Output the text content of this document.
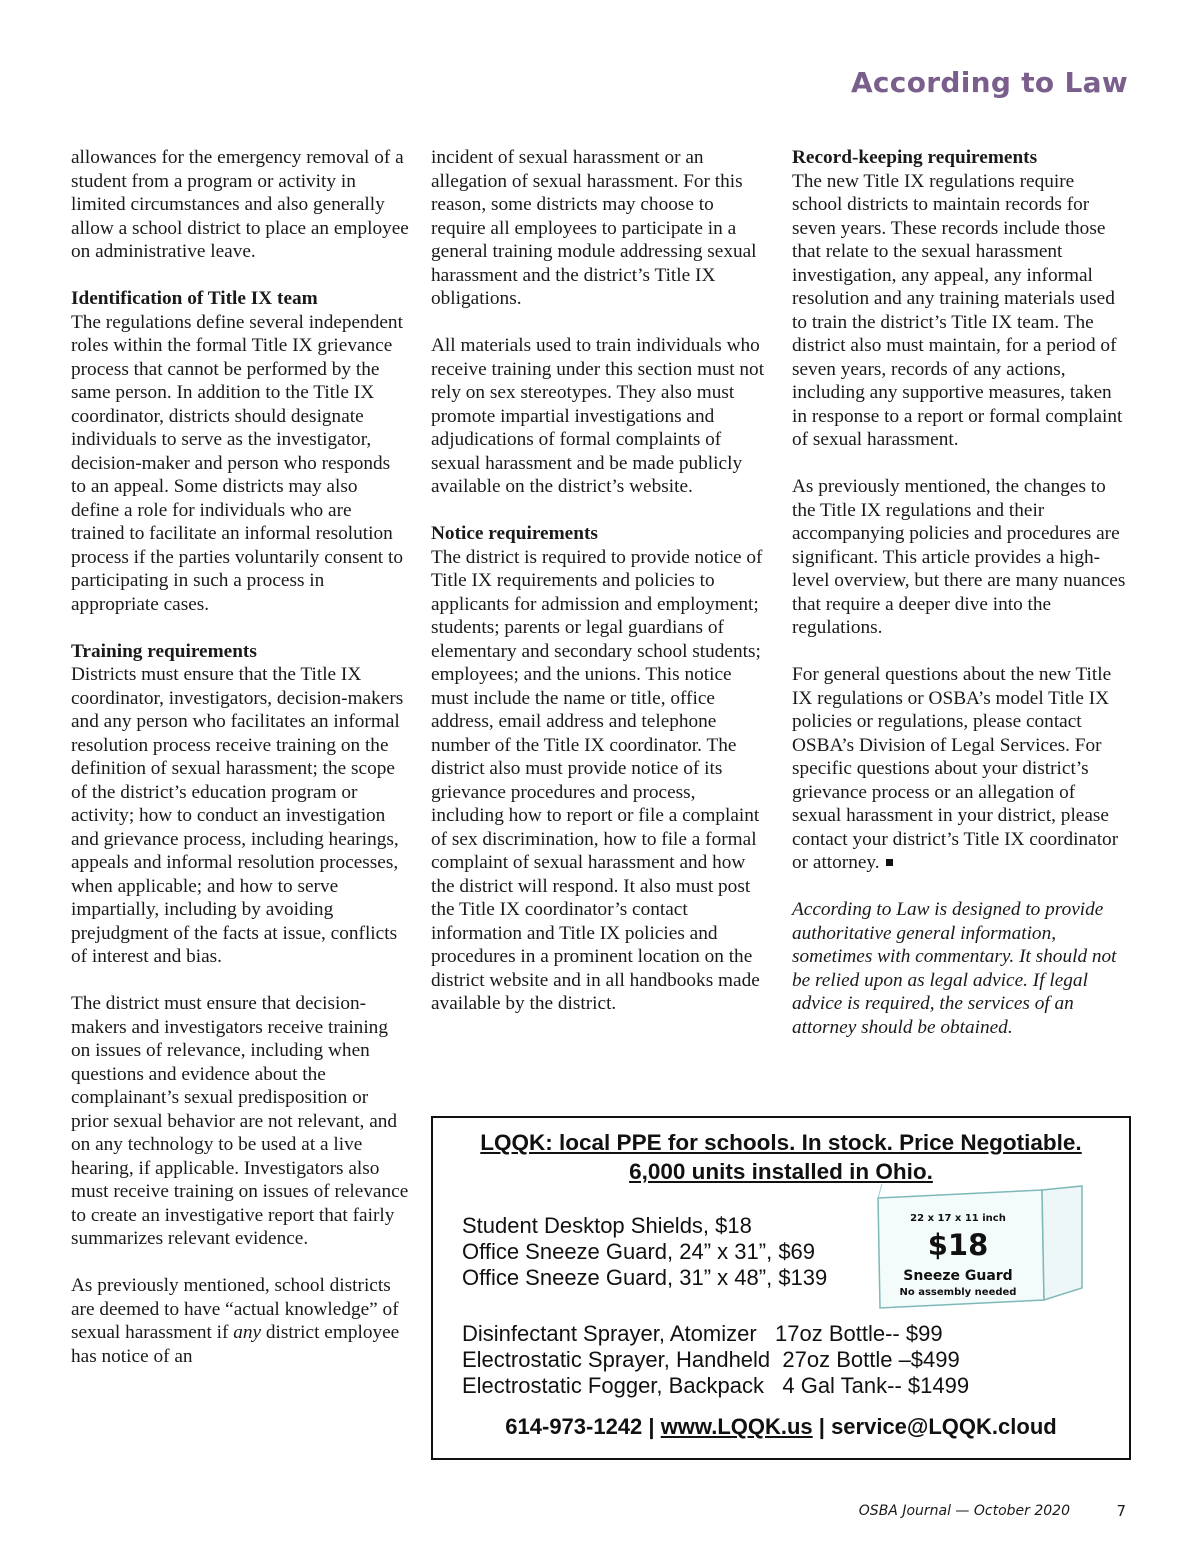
According to Law

allowances for the emergency removal of a student from a program or activity in limited circumstances and also generally allow a school district to place an employee on administrative leave.

Identification of Title IX team

The regulations define several independent roles within the formal Title IX grievance process that cannot be performed by the same person. In addition to the Title IX coordinator, districts should designate individuals to serve as the investigator, decision-maker and person who responds to an appeal. Some districts may also define a role for individuals who are trained to facilitate an informal resolution process if the parties voluntarily consent to participating in such a process in appropriate cases.

Training requirements

Districts must ensure that the Title IX coordinator, investigators, decision-makers and any person who facilitates an informal resolution process receive training on the definition of sexual harassment; the scope of the district’s education program or activity; how to conduct an investigation and grievance process, including hearings, appeals and informal resolution processes, when applicable; and how to serve impartially, including by avoiding prejudgment of the facts at issue, conflicts of interest and bias.

The district must ensure that decision-makers and investigators receive training on issues of relevance, including when questions and evidence about the complainant’s sexual predisposition or prior sexual behavior are not relevant, and on any technology to be used at a live hearing, if applicable. Investigators also must receive training on issues of relevance to create an investigative report that fairly summarizes relevant evidence.

As previously mentioned, school districts are deemed to have “actual knowledge” of sexual harassment if any district employee has notice of an

incident of sexual harassment or an allegation of sexual harassment. For this reason, some districts may choose to require all employees to participate in a general training module addressing sexual harassment and the district’s Title IX obligations.

All materials used to train individuals who receive training under this section must not rely on sex stereotypes. They also must promote impartial investigations and adjudications of formal complaints of sexual harassment and be made publicly available on the district’s website.

Notice requirements

The district is required to provide notice of Title IX requirements and policies to applicants for admission and employment; students; parents or legal guardians of elementary and secondary school students; employees; and the unions. This notice must include the name or title, office address, email address and telephone number of the Title IX coordinator. The district also must provide notice of its grievance procedures and process, including how to report or file a complaint of sex discrimination, how to file a formal complaint of sexual harassment and how the district will respond. It also must post the Title IX coordinator’s contact information and Title IX policies and procedures in a prominent location on the district website and in all handbooks made available by the district.

Record-keeping requirements

The new Title IX regulations require school districts to maintain records for seven years. These records include those that relate to the sexual harassment investigation, any appeal, any informal resolution and any training materials used to train the district’s Title IX team. The district also must maintain, for a period of seven years, records of any actions, including any supportive measures, taken in response to a report or formal complaint of sexual harassment.

As previously mentioned, the changes to the Title IX regulations and their accompanying policies and procedures are significant. This article provides a high-level overview, but there are many nuances that require a deeper dive into the regulations.

For general questions about the new Title IX regulations or OSBA’s model Title IX policies or regulations, please contact OSBA’s Division of Legal Services. For specific questions about your district’s grievance process or an allegation of sexual harassment in your district, please contact your district’s Title IX coordinator or attorney.

According to Law is designed to provide authoritative general information, sometimes with commentary. It should not be relied upon as legal advice. If legal advice is required, the services of an attorney should be obtained.

LQQK: local PPE for schools. In stock. Price Negotiable.
6,000 units installed in Ohio.
Student Desktop Shields, $18
Office Sneeze Guard, 24” x 31”, $69
Office Sneeze Guard, 31” x 48”, $139
22 x 17 x 11 inch
$18
Sneeze Guard
No assembly needed
Disinfectant Sprayer, Atomizer   17oz Bottle-- $99
Electrostatic Sprayer, Handheld  27oz Bottle –$499
Electrostatic Fogger, Backpack   4 Gal Tank-- $1499
614-973-1242 | www.LQQK.us | service@LQQK.cloud
OSBA Journal — October 2020	7
